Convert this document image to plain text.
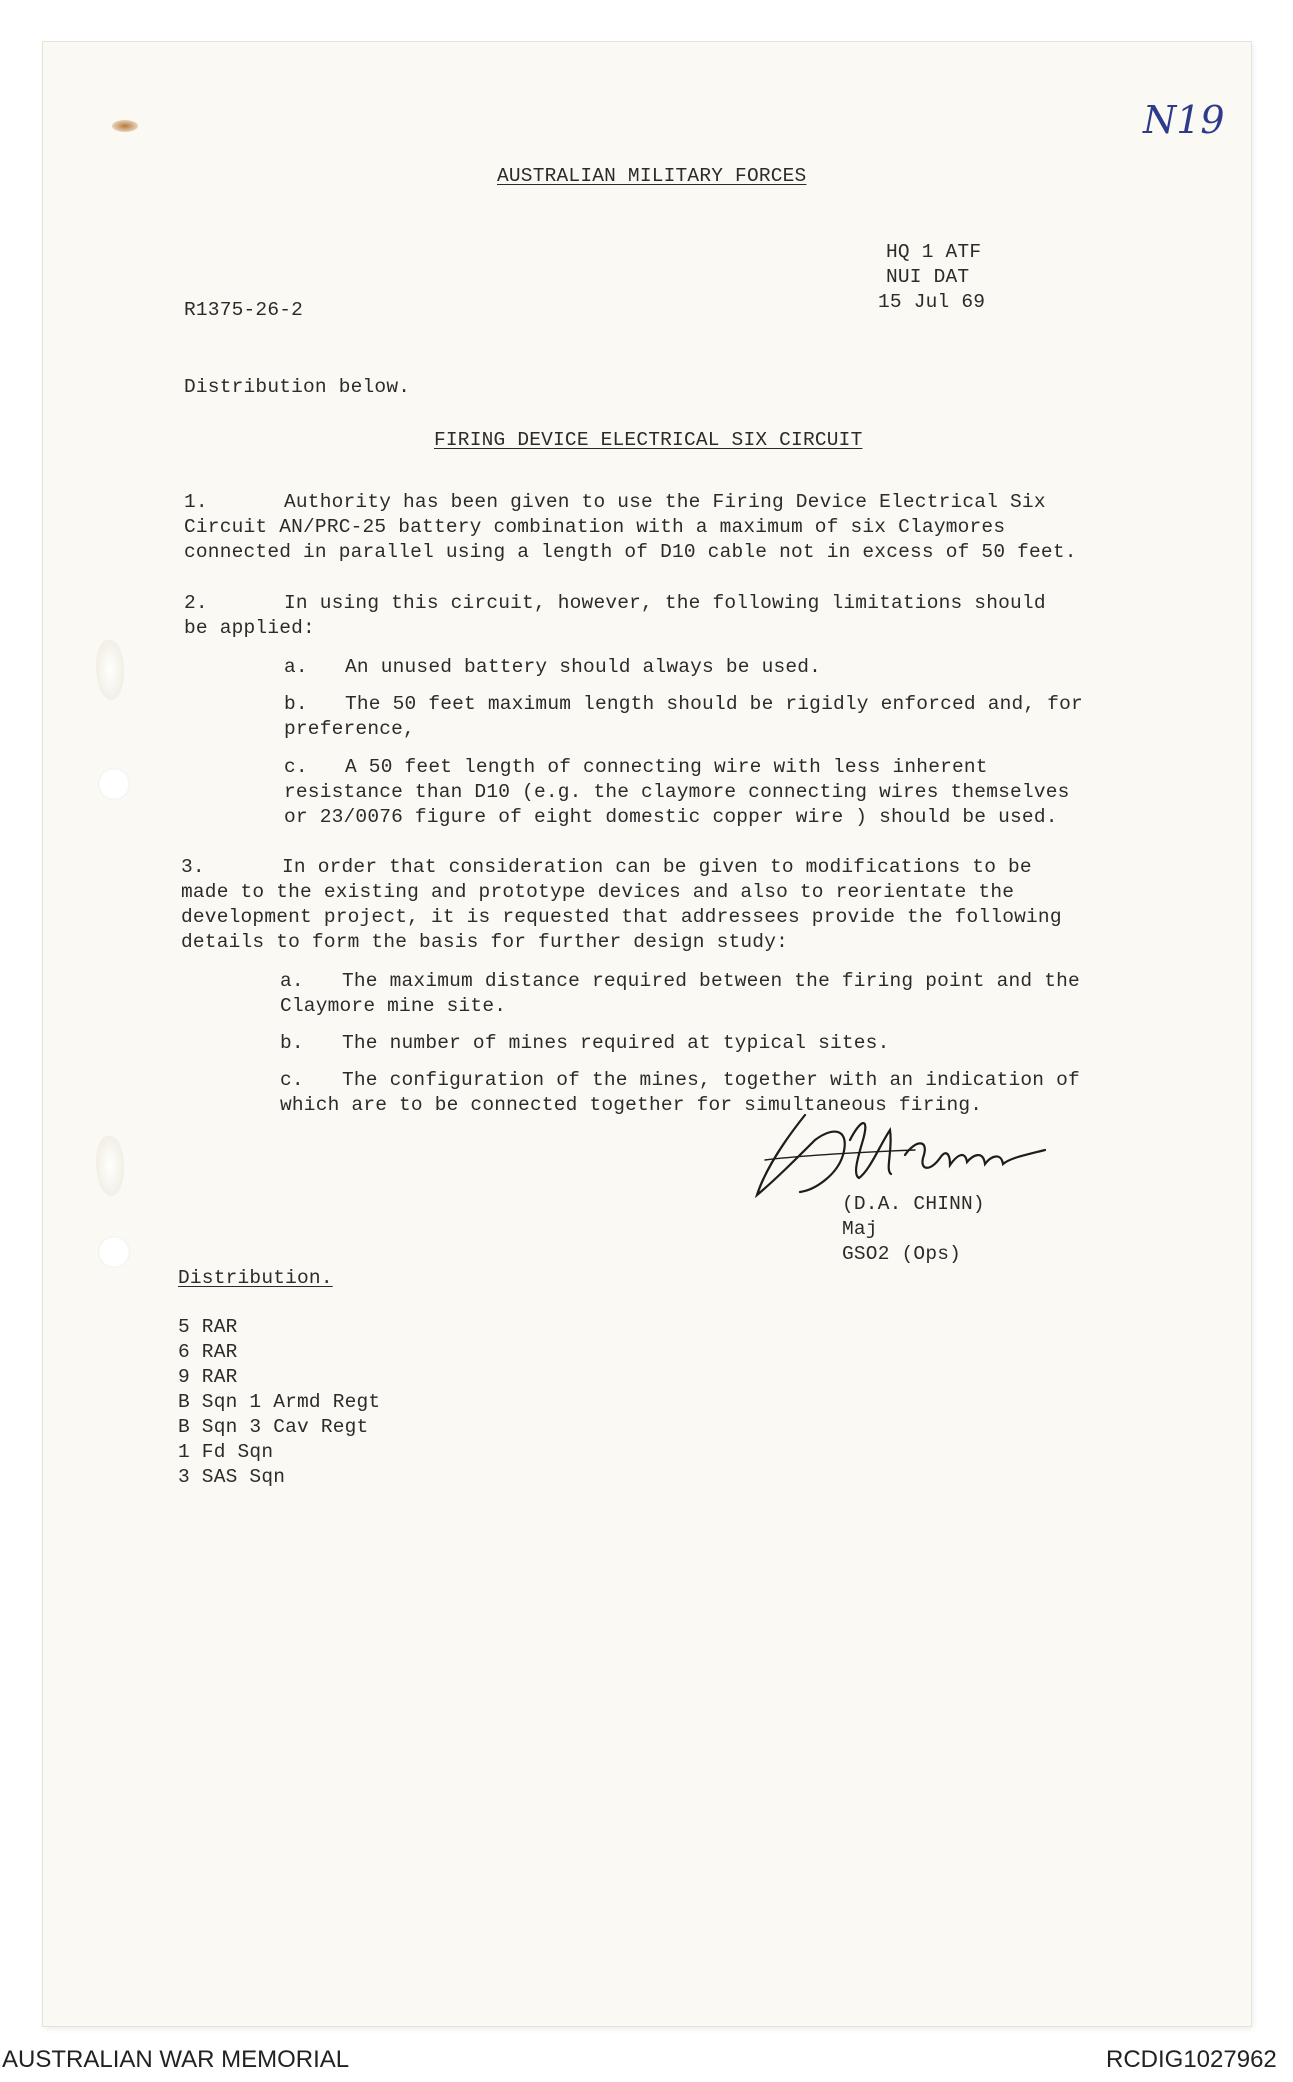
N19
AUSTRALIAN MILITARY FORCES
HQ 1 ATF
NUI DAT
15 Jul 69
R1375-26-2
Distribution below.
FIRING DEVICE ELECTRICAL SIX CIRCUIT
1.	Authority has been given to use the Firing Device Electrical Six
Circuit AN/PRC-25 battery combination with a maximum of six Claymores
connected in parallel using a length of D10 cable not in excess of 50 feet.
2.	In using this circuit, however, the following limitations should
be applied:
a. An unused battery should always be used.
b. The 50 feet maximum length should be rigidly enforced and, for
preference,
c. A 50 feet length of connecting wire with less inherent
resistance than D10 (e.g. the claymore connecting wires themselves
or 23/0076 figure of eight domestic copper wire ) should be used.
3.	In order that consideration can be given to modifications to be
made to the existing and prototype devices and also to reorientate the
development project, it is requested that addressees provide the following
details to form the basis for further design study:
a. The maximum distance required between the firing point and the
Claymore mine site.
b. The number of mines required at typical sites.
c. The configuration of the mines, together with an indication of
which are to be connected together for simultaneous firing.
(D.A. CHINN)
Maj
GSO2 (Ops)
Distribution.
5 RAR
6 RAR
9 RAR
B Sqn 1 Armd Regt
B Sqn 3 Cav Regt
1 Fd Sqn
3 SAS Sqn
AUSTRALIAN WAR MEMORIAL	RCDIG1027962
